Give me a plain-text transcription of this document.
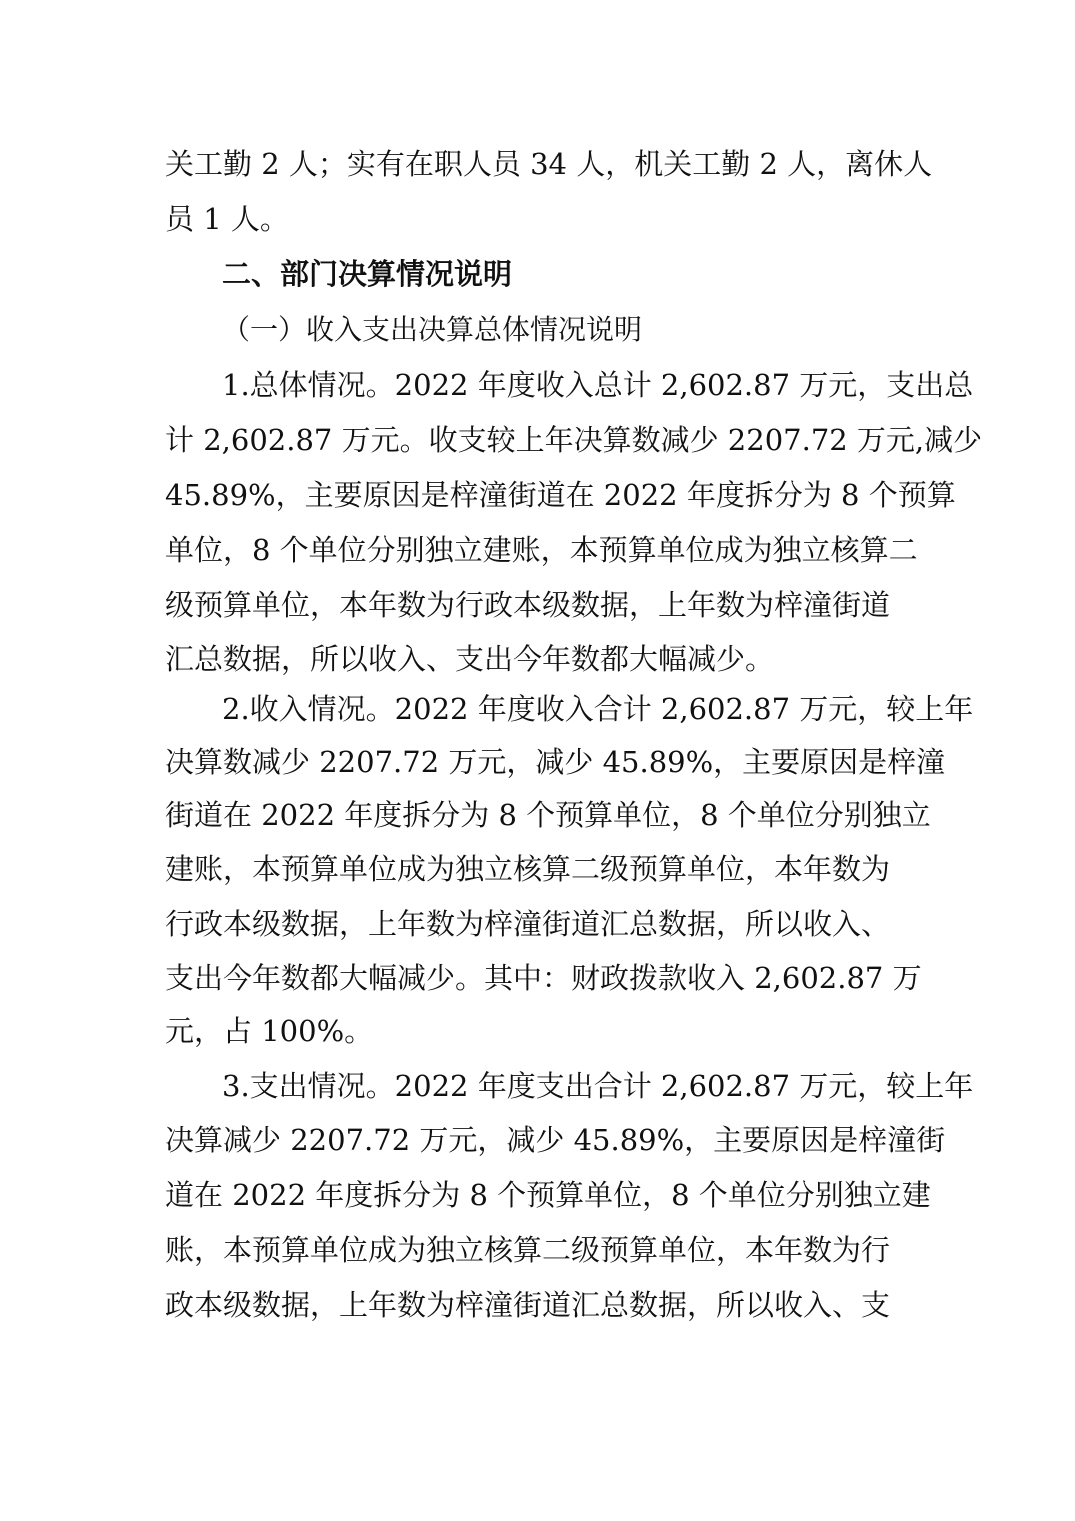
关工勤 2 人；实有在职人员 34 人，机关工勤 2 人，离休人
员 1 人。
二、部门决算情况说明
（一）收入支出决算总体情况说明
1.总体情况。2022 年度收入总计 2,602.87 万元，支出总
计 2,602.87 万元。收支较上年决算数减少 2207.72 万元,减少
45.89%，主要原因是梓潼街道在 2022 年度拆分为 8 个预算
单位，8 个单位分别独立建账，本预算单位成为独立核算二
级预算单位，本年数为行政本级数据，上年数为梓潼街道
汇总数据，所以收入、支出今年数都大幅减少。
2.收入情况。2022 年度收入合计 2,602.87 万元，较上年
决算数减少 2207.72 万元，减少 45.89%，主要原因是梓潼
街道在 2022 年度拆分为 8 个预算单位，8 个单位分别独立
建账，本预算单位成为独立核算二级预算单位，本年数为
行政本级数据，上年数为梓潼街道汇总数据，所以收入、
支出今年数都大幅减少。其中：财政拨款收入 2,602.87 万
元，占 100%。
3.支出情况。2022 年度支出合计 2,602.87 万元，较上年
决算减少 2207.72 万元，减少 45.89%，主要原因是梓潼街
道在 2022 年度拆分为 8 个预算单位，8 个单位分别独立建
账，本预算单位成为独立核算二级预算单位，本年数为行
政本级数据，上年数为梓潼街道汇总数据，所以收入、支
